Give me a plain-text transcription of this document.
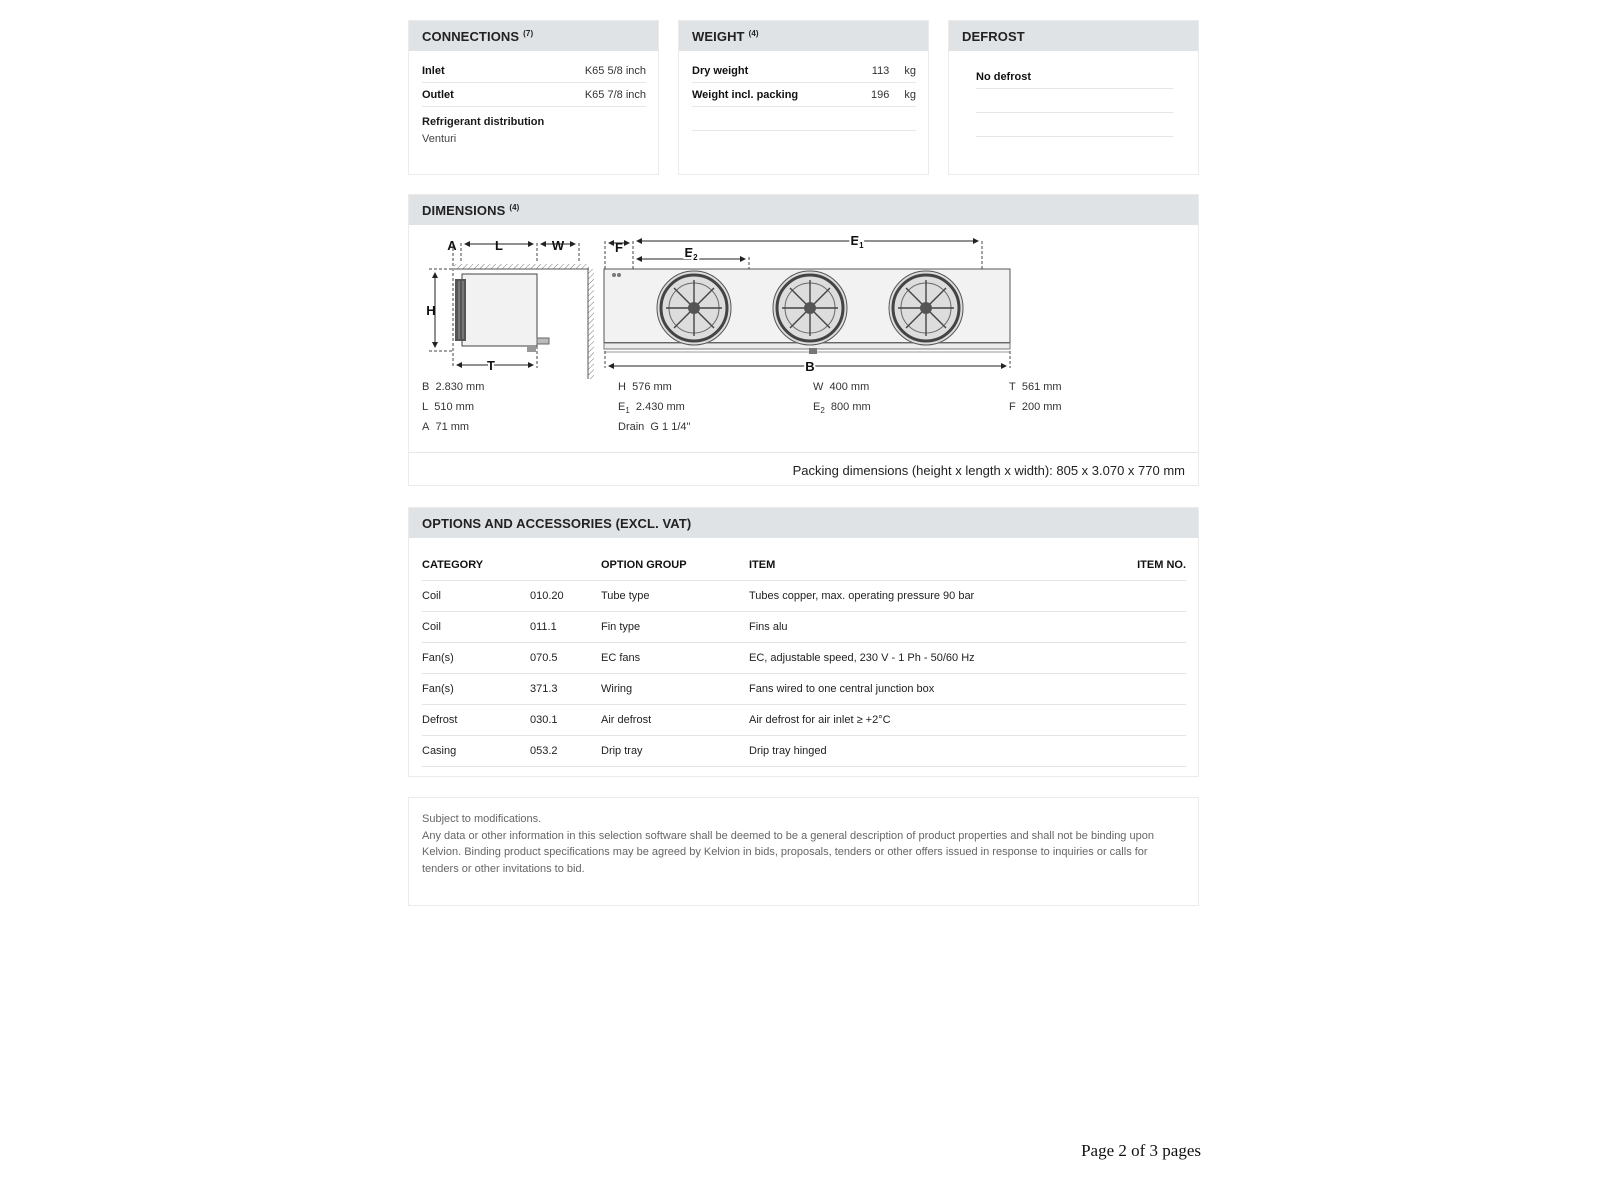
CONNECTIONS $^{(7)}$
Inlet	K65 5/8 inch
Outlet	K65 7/8 inch
Refrigerant distribution
Venturi
WEIGHT $^{(4)}$
Dry weight	113 kg
Weight incl. packing	196 kg
DEFROST
No defrost
DIMENSIONS $^{(4)}$
A	L	W
H
T
F	$E_1$
$E_2$
B
B 2.830 mm
L 510 mm
A 71 mm
H 576 mm
$E_1$ 2.430 mm
Drain G 1 1/4"
W 400 mm
$E_2$ 800 mm
T 561 mm
F 200 mm
Packing dimensions (height x length x width): 805 x 3.070 x 770 mm
OPTIONS AND ACCESSORIES (EXCL. VAT)
CATEGORY		OPTION GROUP	ITEM	ITEM NO.
Coil	010.20	Tube type	Tubes copper, max. operating pressure 90 bar	
Coil	011.1	Fin type	Fins alu	
Fan(s)	070.5	EC fans	EC, adjustable speed, 230 V - 1 Ph - 50/60 Hz	
Fan(s)	371.3	Wiring	Fans wired to one central junction box	
Defrost	030.1	Air defrost	Air defrost for air inlet ≥ +2°C	
Casing	053.2	Drip tray	Drip tray hinged	
Subject to modifications.
Any data or other information in this selection software shall be deemed to be a general description of product properties and shall not be binding upon Kelvion. Binding product specifications may be agreed by Kelvion in bids, proposals, tenders or other offers issued in response to inquiries or calls for tenders or other invitations to bid.
Page 2 of 3 pages
